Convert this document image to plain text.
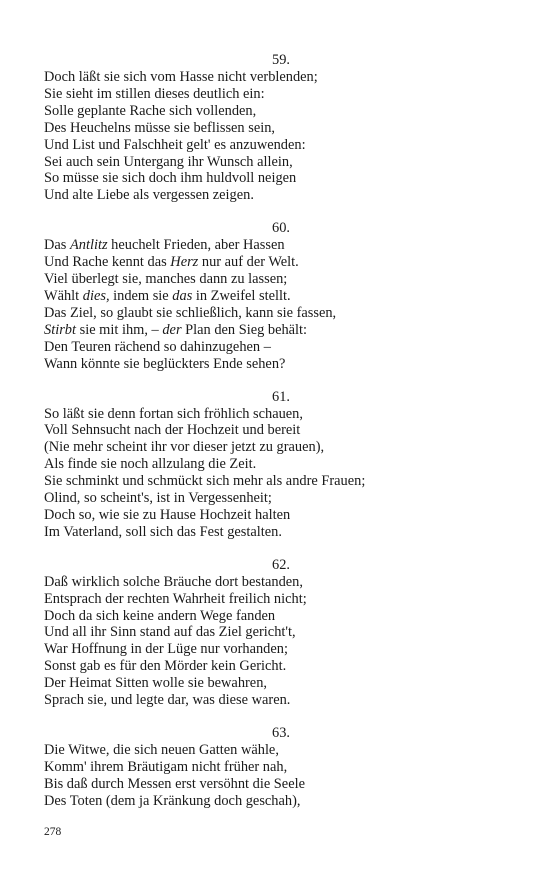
59.
Doch läßt sie sich vom Hasse nicht verblenden;
Sie sieht im stillen dieses deutlich ein:
Solle geplante Rache sich vollenden,
Des Heuchelns müsse sie beflissen sein,
Und List und Falschheit gelt' es anzuwenden:
Sei auch sein Untergang ihr Wunsch allein,
So müsse sie sich doch ihm huldvoll neigen
Und alte Liebe als vergessen zeigen.
60.
Das Antlitz heuchelt Frieden, aber Hassen
Und Rache kennt das Herz nur auf der Welt.
Viel überlegt sie, manches dann zu lassen;
Wählt dies, indem sie das in Zweifel stellt.
Das Ziel, so glaubt sie schließlich, kann sie fassen,
Stirbt sie mit ihm, – der Plan den Sieg behält:
Den Teuren rächend so dahinzugehen –
Wann könnte sie beglückters Ende sehen?
61.
So läßt sie denn fortan sich fröhlich schauen,
Voll Sehnsucht nach der Hochzeit und bereit
(Nie mehr scheint ihr vor dieser jetzt zu grauen),
Als finde sie noch allzulang die Zeit.
Sie schminkt und schmückt sich mehr als andre Frauen;
Olind, so scheint's, ist in Vergessenheit;
Doch so, wie sie zu Hause Hochzeit halten
Im Vaterland, soll sich das Fest gestalten.
62.
Daß wirklich solche Bräuche dort bestanden,
Entsprach der rechten Wahrheit freilich nicht;
Doch da sich keine andern Wege fanden
Und all ihr Sinn stand auf das Ziel gericht't,
War Hoffnung in der Lüge nur vorhanden;
Sonst gab es für den Mörder kein Gericht.
Der Heimat Sitten wolle sie bewahren,
Sprach sie, und legte dar, was diese waren.
63.
Die Witwe, die sich neuen Gatten wähle,
Komm' ihrem Bräutigam nicht früher nah,
Bis daß durch Messen erst versöhnt die Seele
Des Toten (dem ja Kränkung doch geschah),
278
